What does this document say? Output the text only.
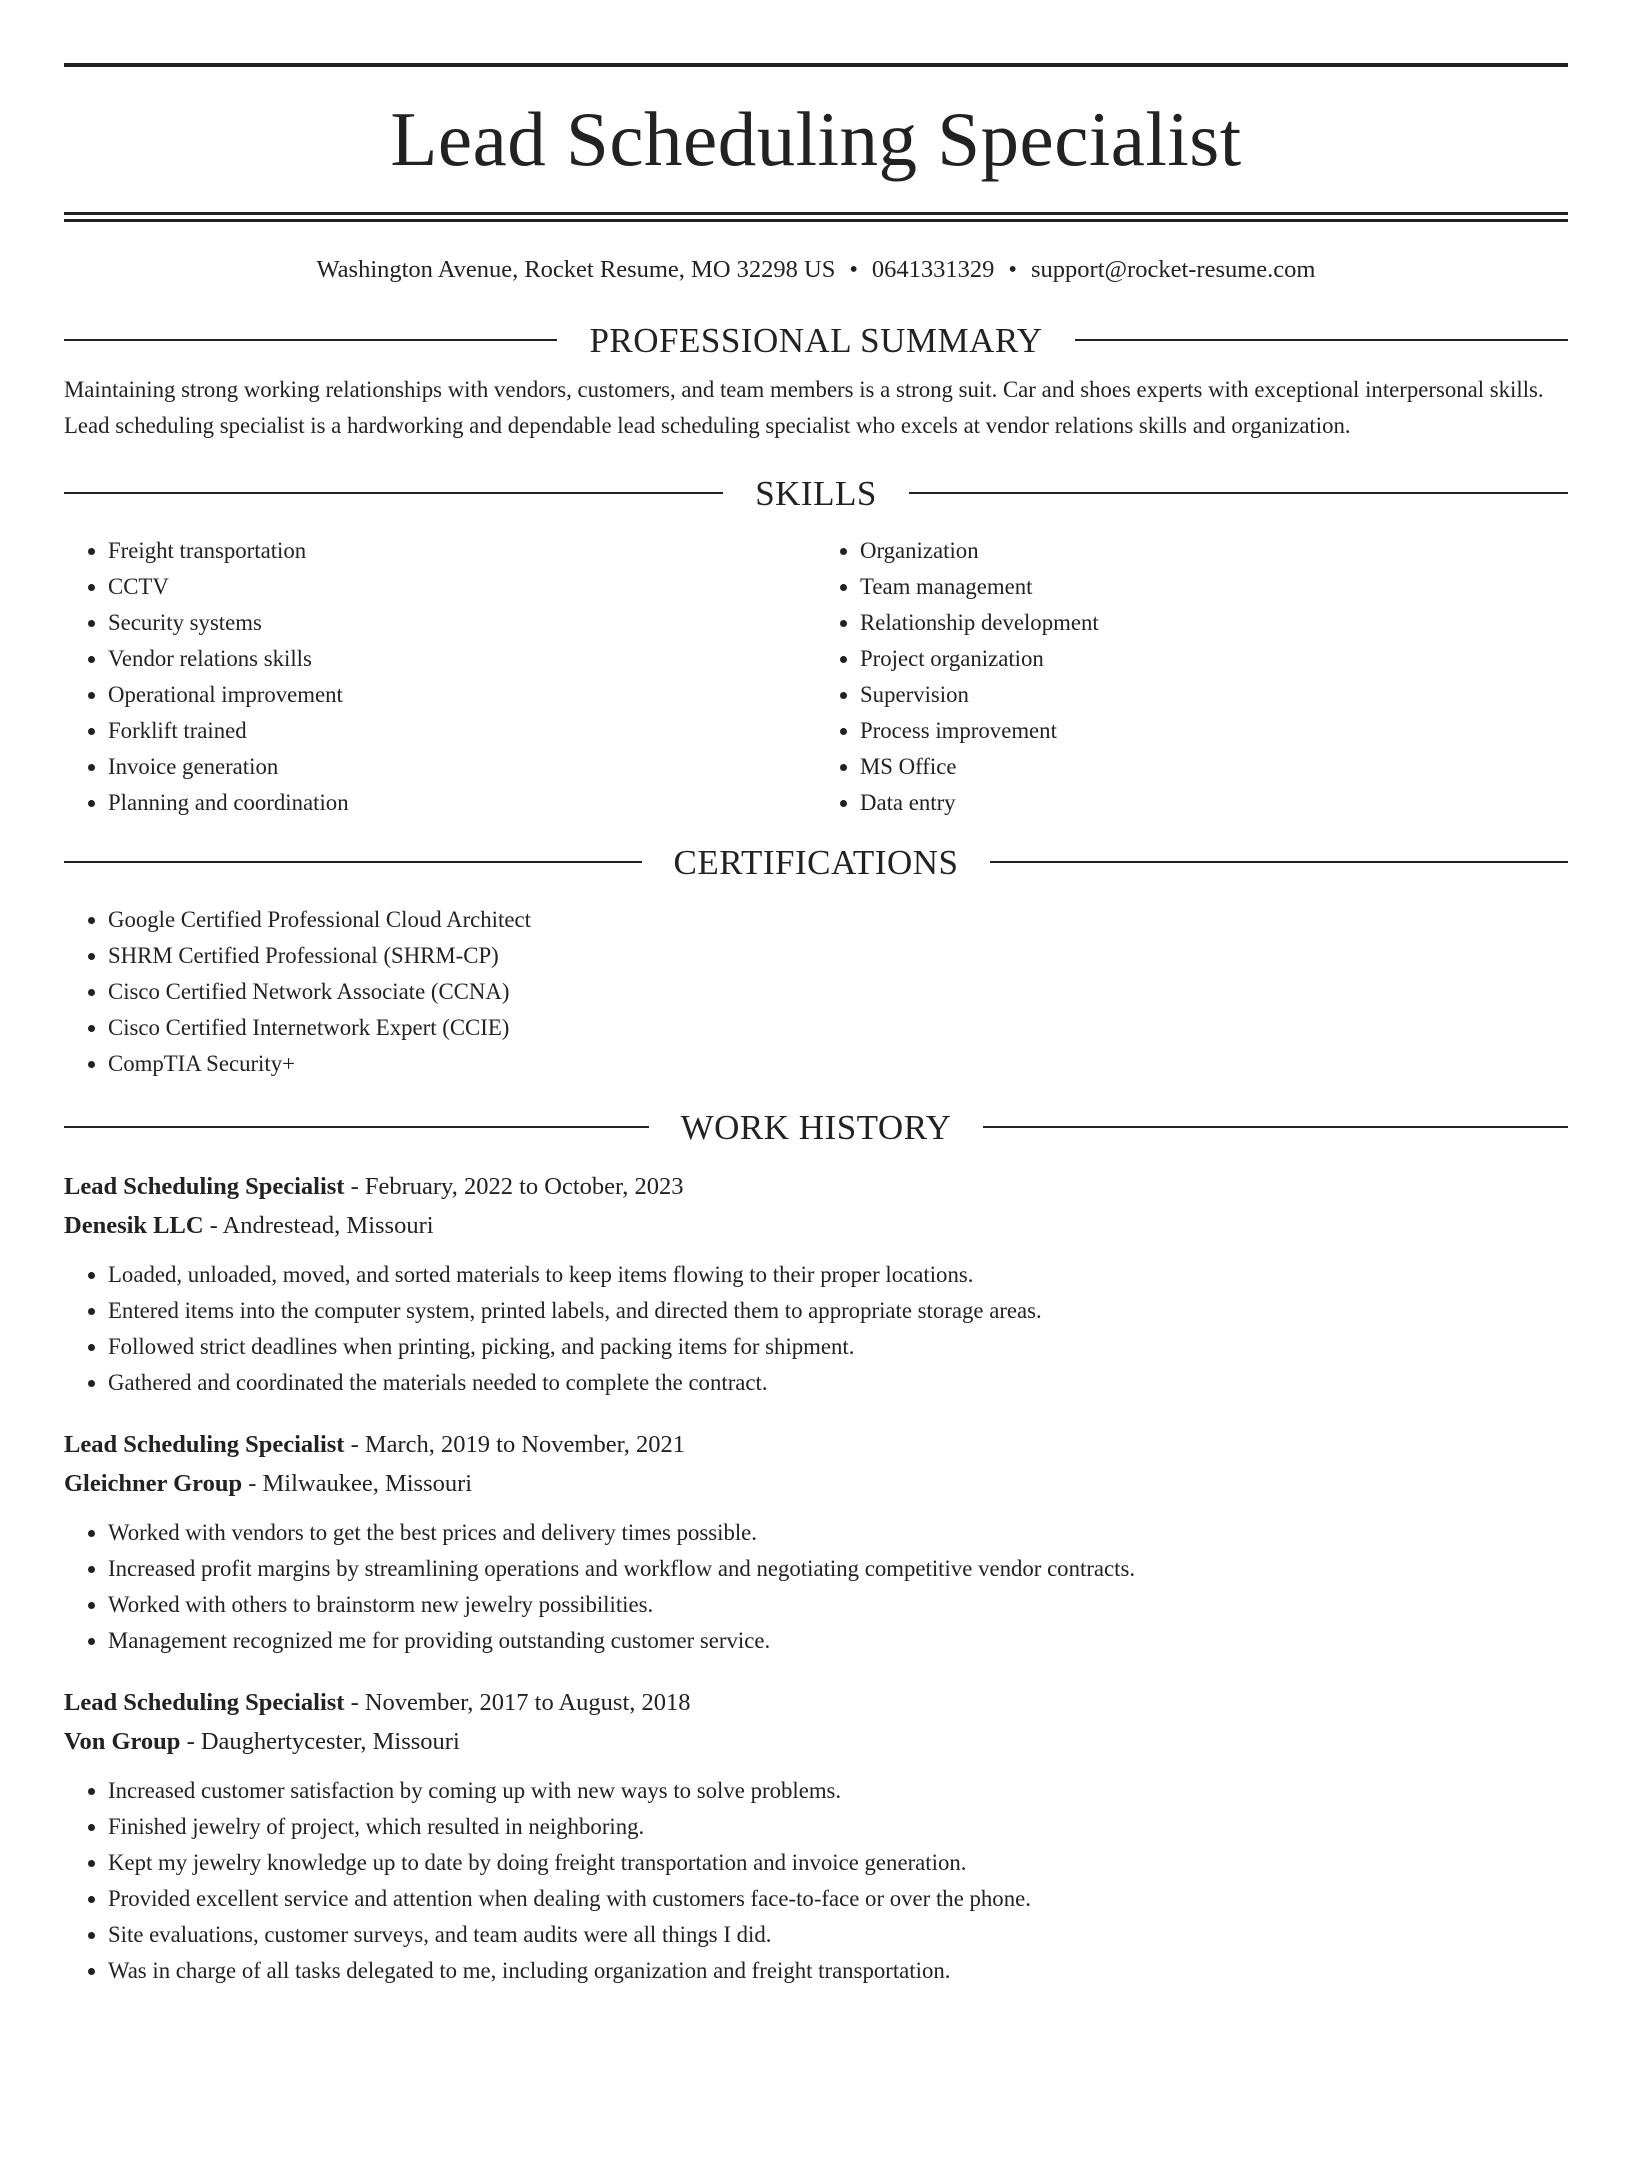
Lead Scheduling Specialist
Washington Avenue, Rocket Resume, MO 32298 US • 0641331329 • support@rocket-resume.com
PROFESSIONAL SUMMARY

Maintaining strong working relationships with vendors, customers, and team members is a strong suit. Car and shoes experts with exceptional interpersonal skills. Lead scheduling specialist is a hardworking and dependable lead scheduling specialist who excels at vendor relations skills and organization.

SKILLS
• Freight transportation
• CCTV
• Security systems
• Vendor relations skills
• Operational improvement
• Forklift trained
• Invoice generation
• Planning and coordination
• Organization
• Team management
• Relationship development
• Project organization
• Supervision
• Process improvement
• MS Office
• Data entry
CERTIFICATIONS
• Google Certified Professional Cloud Architect
• SHRM Certified Professional (SHRM-CP)
• Cisco Certified Network Associate (CCNA)
• Cisco Certified Internetwork Expert (CCIE)
• CompTIA Security+
WORK HISTORY
Lead Scheduling Specialist - February, 2022 to October, 2023
Denesik LLC - Andrestead, Missouri
• Loaded, unloaded, moved, and sorted materials to keep items flowing to their proper locations.
• Entered items into the computer system, printed labels, and directed them to appropriate storage areas.
• Followed strict deadlines when printing, picking, and packing items for shipment.
• Gathered and coordinated the materials needed to complete the contract.
Lead Scheduling Specialist - March, 2019 to November, 2021
Gleichner Group - Milwaukee, Missouri
• Worked with vendors to get the best prices and delivery times possible.
• Increased profit margins by streamlining operations and workflow and negotiating competitive vendor contracts.
• Worked with others to brainstorm new jewelry possibilities.
• Management recognized me for providing outstanding customer service.
Lead Scheduling Specialist - November, 2017 to August, 2018
Von Group - Daughertycester, Missouri
• Increased customer satisfaction by coming up with new ways to solve problems.
• Finished jewelry of project, which resulted in neighboring.
• Kept my jewelry knowledge up to date by doing freight transportation and invoice generation.
• Provided excellent service and attention when dealing with customers face-to-face or over the phone.
• Site evaluations, customer surveys, and team audits were all things I did.
• Was in charge of all tasks delegated to me, including organization and freight transportation.
